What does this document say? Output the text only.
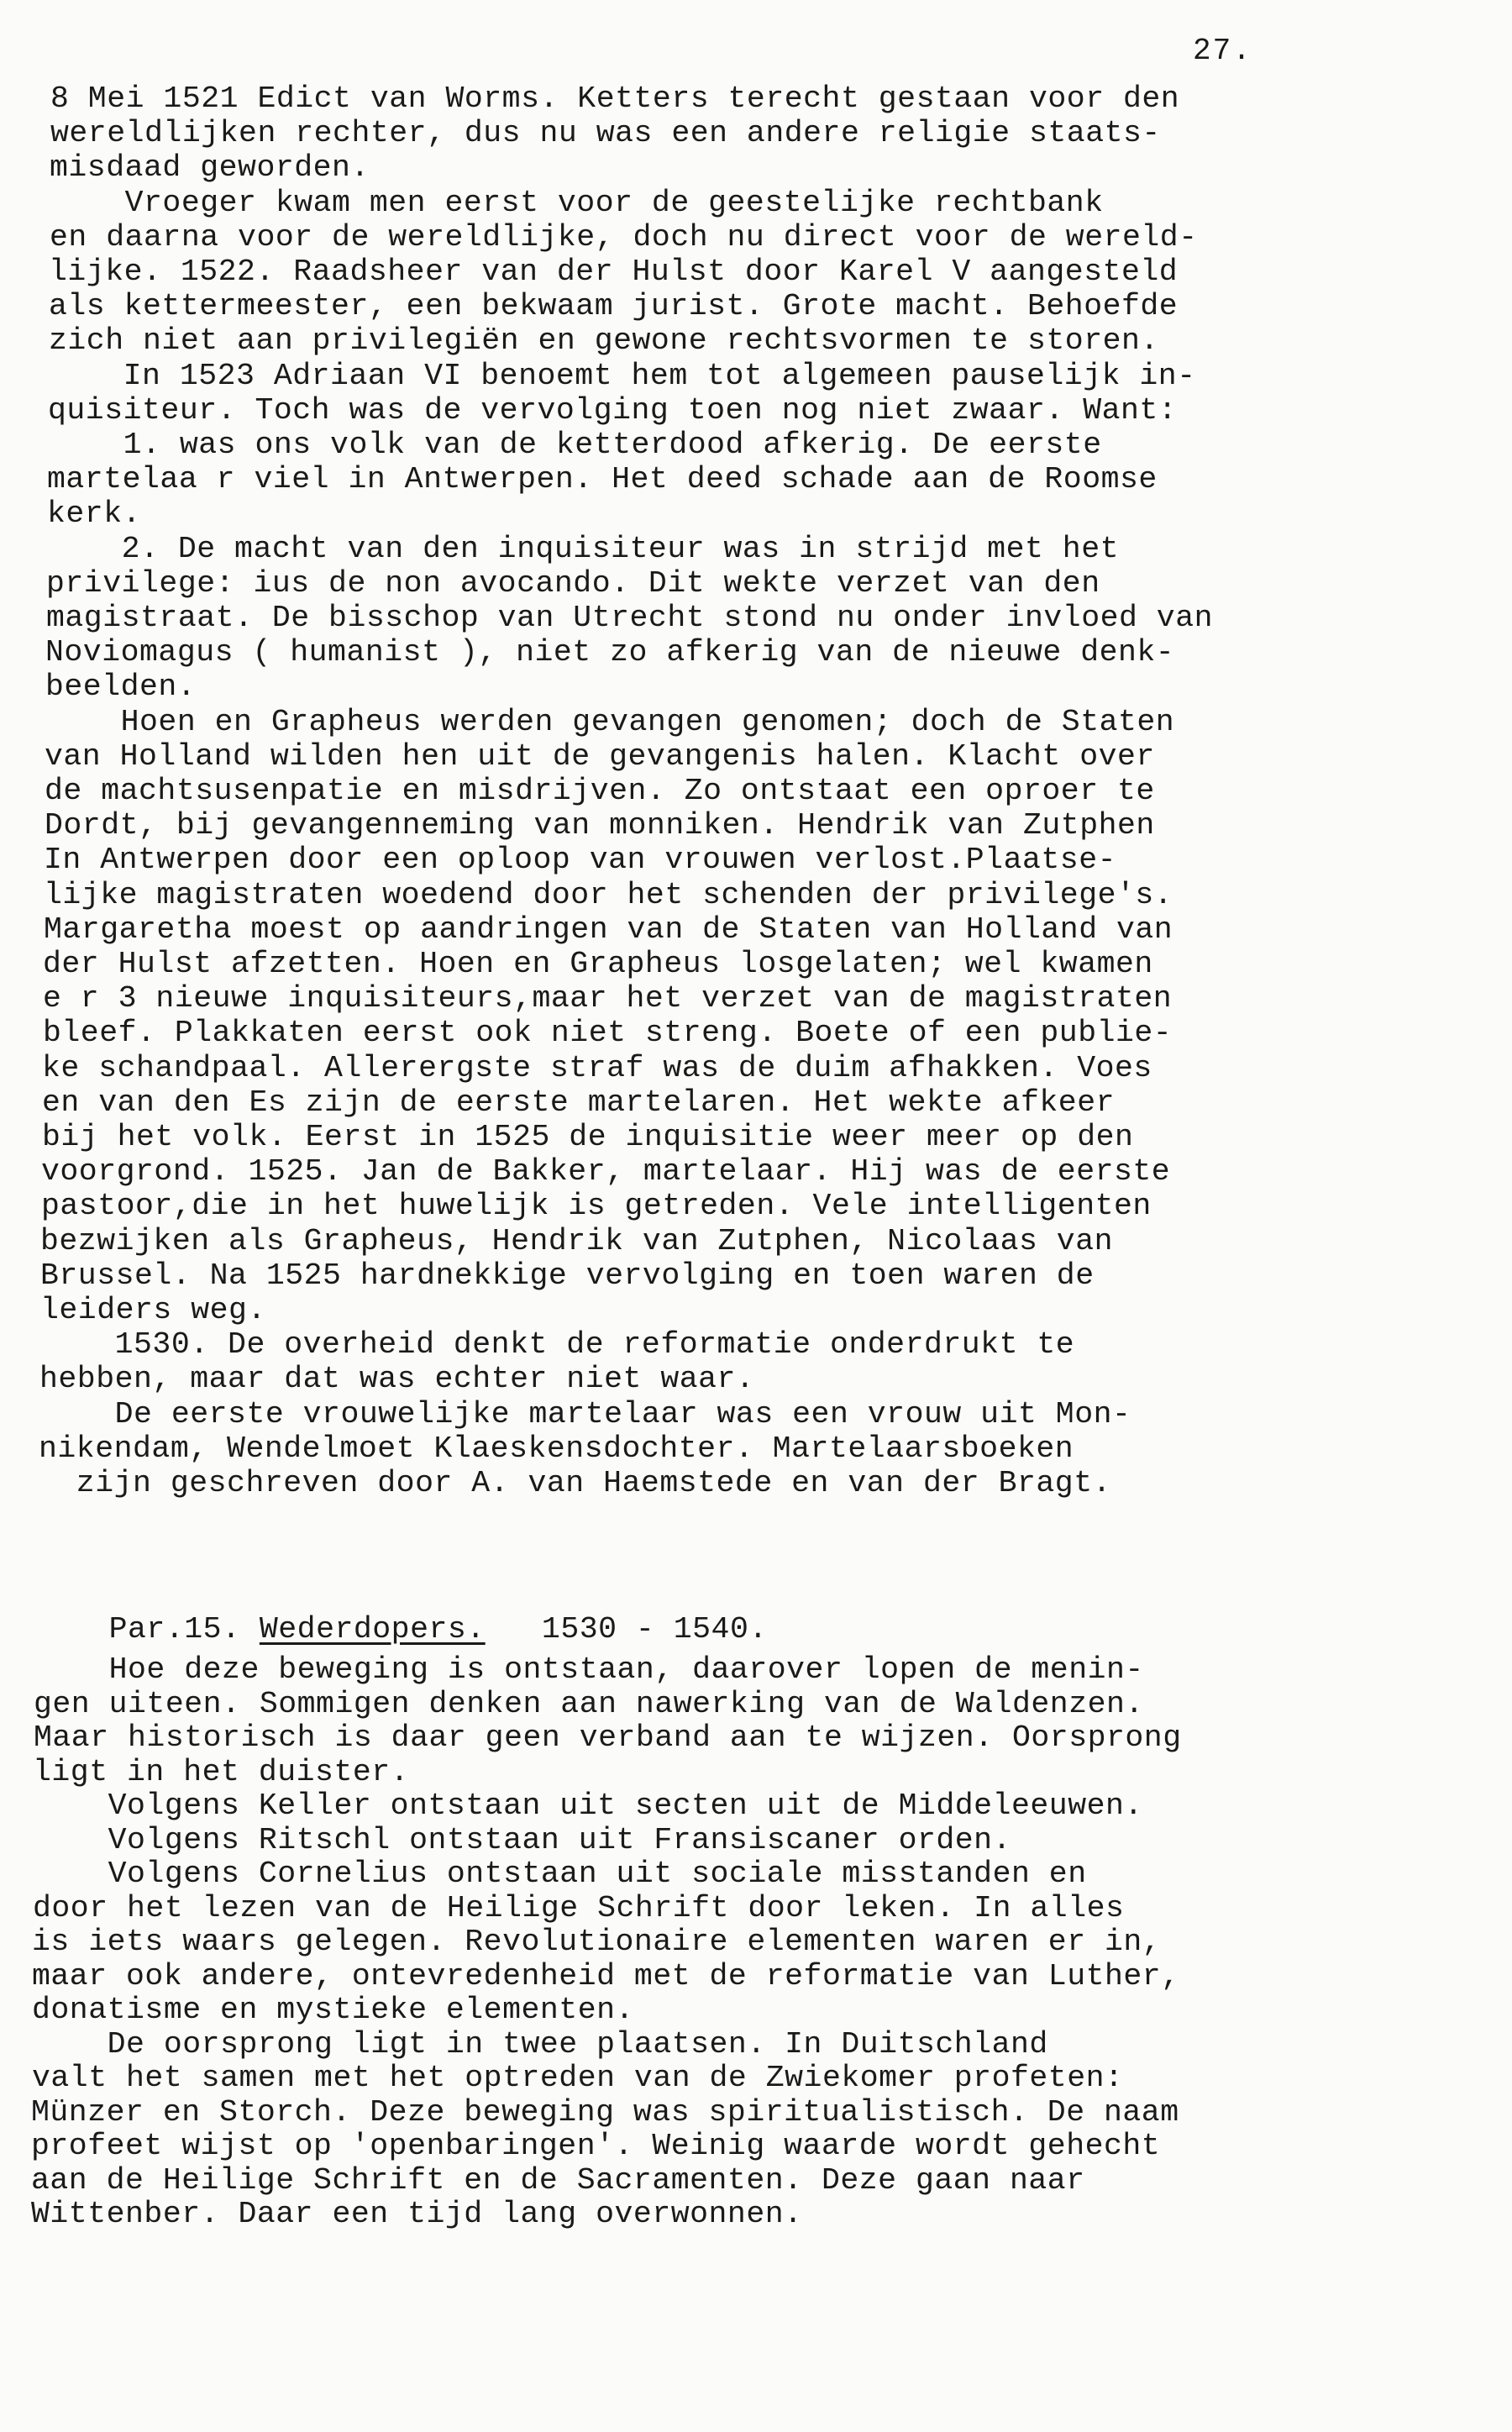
27.
8 Mei 1521 Edict van Worms. Ketters terecht gestaan voor den
wereldlijken rechter, dus nu was een andere religie staats-
misdaad geworden.
Vroeger kwam men eerst voor de geestelijke rechtbank
en daarna voor de wereldlijke, doch nu direct voor de wereld-
lijke. 1522. Raadsheer van der Hulst door Karel V aangesteld
als kettermeester, een bekwaam jurist. Grote macht. Behoefde
zich niet aan privilegiën en gewone rechtsvormen te storen.
In 1523 Adriaan VI benoemt hem tot algemeen pauselijk in-
quisiteur. Toch was de vervolging toen nog niet zwaar. Want:
1. was ons volk van de ketterdood afkerig. De eerste
martelaa r viel in Antwerpen. Het deed schade aan de Roomse
kerk.
2. De macht van den inquisiteur was in strijd met het
privilege: ius de non avocando. Dit wekte verzet van den
magistraat. De bisschop van Utrecht stond nu onder invloed van
Noviomagus ( humanist ), niet zo afkerig van de nieuwe denk-
beelden.
Hoen en Grapheus werden gevangen genomen; doch de Staten
van Holland wilden hen uit de gevangenis halen. Klacht over
de machtsusenpatie en misdrijven. Zo ontstaat een oproer te
Dordt, bij gevangenneming van monniken. Hendrik van Zutphen
In Antwerpen door een oploop van vrouwen verlost.Plaatse-
lijke magistraten woedend door het schenden der privilege's.
Margaretha moest op aandringen van de Staten van Holland van
der Hulst afzetten. Hoen en Grapheus losgelaten; wel kwamen
e r 3 nieuwe inquisiteurs,maar het verzet van de magistraten
bleef. Plakkaten eerst ook niet streng. Boete of een publie-
ke schandpaal. Allerergste straf was de duim afhakken. Voes
en van den Es zijn de eerste martelaren. Het wekte afkeer
bij het volk. Eerst in 1525 de inquisitie weer meer op den
voorgrond. 1525. Jan de Bakker, martelaar. Hij was de eerste
pastoor,die in het huwelijk is getreden. Vele intelligenten
bezwijken als Grapheus, Hendrik van Zutphen, Nicolaas van
Brussel. Na 1525 hardnekkige vervolging en toen waren de
leiders weg.
1530. De overheid denkt de reformatie onderdrukt te
hebben, maar dat was echter niet waar.
De eerste vrouwelijke martelaar was een vrouw uit Mon-
nikendam, Wendelmoet Klaeskensdochter. Martelaarsboeken
zijn geschreven door A. van Haemstede en van der Bragt.

Par.15. Wederdopers.   1530 - 1540.

Hoe deze beweging is ontstaan, daarover lopen de menin-
gen uiteen. Sommigen denken aan nawerking van de Waldenzen.
Maar historisch is daar geen verband aan te wijzen. Oorsprong
ligt in het duister.
Volgens Keller ontstaan uit secten uit de Middeleeuwen.
Volgens Ritschl ontstaan uit Fransiscaner orden.
Volgens Cornelius ontstaan uit sociale misstanden en
door het lezen van de Heilige Schrift door leken. In alles
is iets waars gelegen. Revolutionaire elementen waren er in,
maar ook andere, ontevredenheid met de reformatie van Luther,
donatisme en mystieke elementen.
De oorsprong ligt in twee plaatsen. In Duitschland
valt het samen met het optreden van de Zwiekomer profeten:
Münzer en Storch. Deze beweging was spiritualistisch. De naam
profeet wijst op 'openbaringen'. Weinig waarde wordt gehecht
aan de Heilige Schrift en de Sacramenten. Deze gaan naar
Wittenber. Daar een tijd lang overwonnen.
